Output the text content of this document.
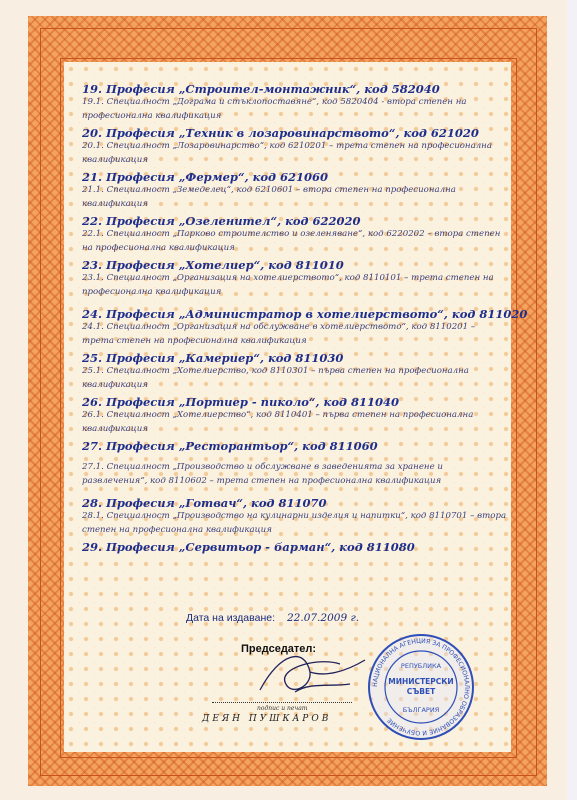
19. Професия „Строител-монтажник“, код 582040
19.1. Специалност „Дограма и стъклопоставяне“, код 5820404 - втора степен на професионална квалификация
20. Професия „Техник в лозаровинарството“, код 621020
20.1. Специалност „Лозаровинарство“, код 6210201 – трета степен на професионална квалификация
21. Професия „Фермер“, код 621060
21.1. Специалност „Земеделец“, код 6210601 – втора степен на професионална квалификация
22. Професия „Озеленител“, код 622020
22.1. Специалност „Парково строителство и озеленяване“, код 6220202 – втора степен на професионална квалификация
23. Професия „Хотелиер“, код 811010
23.1. Специалност „Организация на хотелиерството“, код 8110101 – трета степен на професионална квалификация
24. Професия „Администратор в хотелиерството“, код 811020
24.1. Специалност „Организация на обслужване в хотелиерството“, код 8110201 – трета степен на професионална квалификация
25. Професия „Камериер“, код 811030
25.1. Специалност „Хотелиерство, код 8110301 – първа степен на професионална квалификация
26. Професия „Портиер - пиколо“, код 811040
26.1. Специалност „Хотелиерство“, код 8110401 – първа степен на професионална квалификация
27. Професия „Ресторантьор“, код 811060
27.1. Специалност „Производство и обслужване в заведенията за хранене и развлечения“, код 8110602 – трета степен на професионална квалификация
28. Професия „Готвач“, код 811070
28.1. Специалност „Производство на кулинарни изделия и напитки“, код 8110701 – втора степен на професионална квалификация
29. Професия „Сервитьор - барман“, код 811080
Дата на издаване: 22.07.2009 г.
Председател:
подпис и печат
ДЕЯН ПУШКАРОВ
НАЦИОНАЛНА АГЕНЦИЯ ЗА ПРОФЕСИОНАЛНО ОБРАЗОВАНИЕ И ОБУЧЕНИЕ
РЕПУБЛИКА
МИНИСТЕРСКИ
СЪВЕТ
БЪЛГАРИЯ
